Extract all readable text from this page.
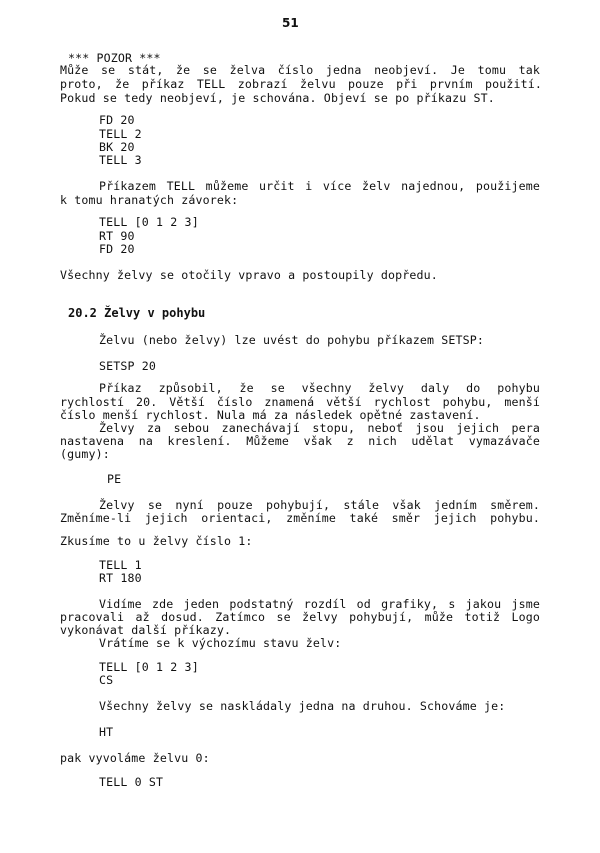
51
*** POZOR ***
Může se stát, že se želva číslo jedna neobjeví. Je tomu tak
proto, že příkaz TELL zobrazí želvu pouze při prvním použití.
Pokud se tedy neobjeví, je schována. Objeví se po příkazu ST.
FD 20
TELL 2
BK 20
TELL 3
Příkazem TELL můžeme určit i více želv najednou, použijeme
k tomu hranatých závorek:
TELL [0 1 2 3]
RT 90
FD 20
Všechny želvy se otočily vpravo a postoupily dopředu.
20.2 Želvy v pohybu
Želvu (nebo želvy) lze uvést do pohybu příkazem SETSP:
SETSP 20
Příkaz způsobil, že se všechny želvy daly do pohybu
rychlostí 20. Větší číslo znamená větší rychlost pohybu, menší
číslo menší rychlost. Nula má za následek opětné zastavení.
Želvy za sebou zanechávají stopu, neboť jsou jejich pera
nastavena na kreslení. Můžeme však z nich udělat vymazávače
(gumy):
PE
Želvy se nyní pouze pohybují, stále však jedním směrem.
Změníme-li jejich orientaci, změníme také směr jejich pohybu.
Zkusíme to u želvy číslo 1:
TELL 1
RT 180
Vidíme zde jeden podstatný rozdíl od grafiky, s jakou jsme
pracovali až dosud. Zatímco se želvy pohybují, může totiž Logo
vykonávat další příkazy.
Vrátíme se k výchozímu stavu želv:
TELL [0 1 2 3]
CS
Všechny želvy se naskládaly jedna na druhou. Schováme je:
HT
pak vyvoláme želvu 0:
TELL 0 ST
